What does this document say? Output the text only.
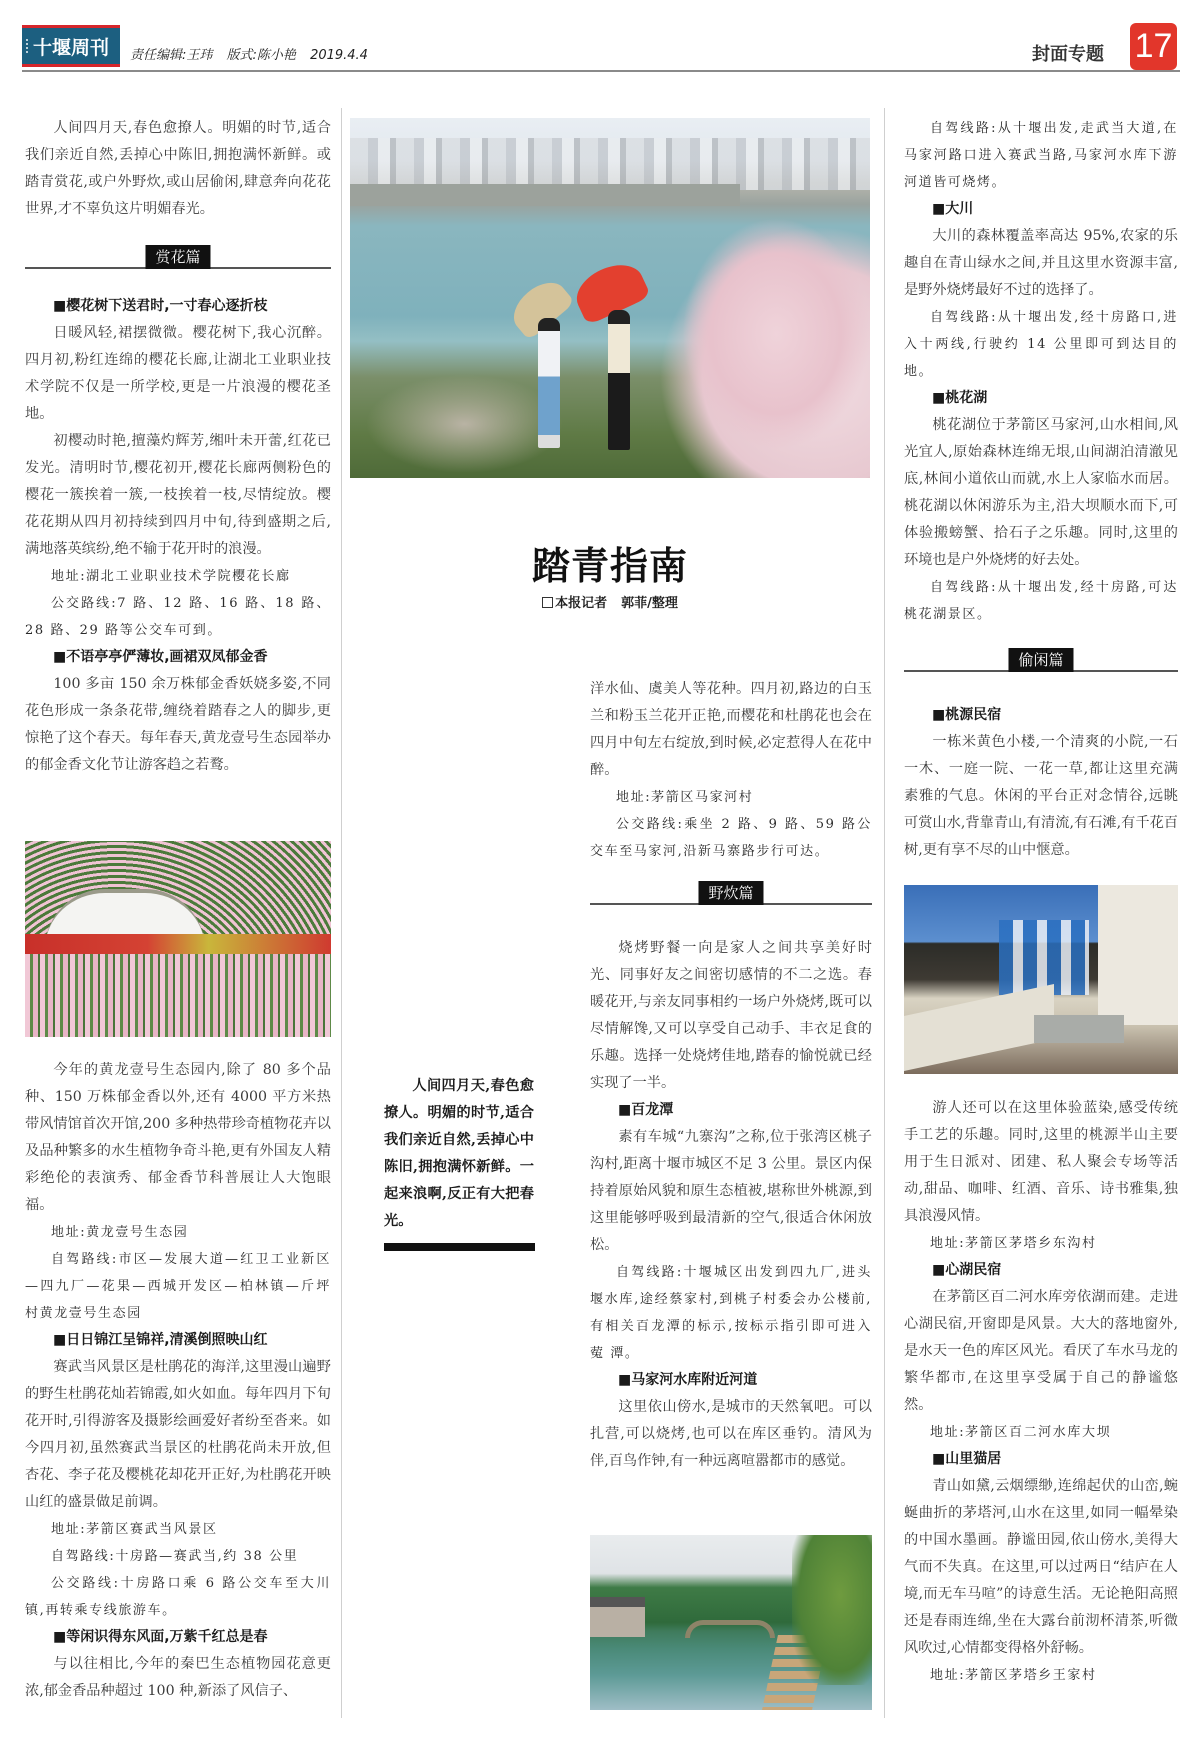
十堰周刊 责任编辑:王玮 版式:陈小艳 2019.4.4	封面专题 17

人间四月天,春色愈撩人。明媚的时节,适合我们亲近自然,丢掉心中陈旧,拥抱满怀新鲜。或踏青赏花,或户外野炊,或山居偷闲,肆意奔向花花世界,才不辜负这片明媚春光。

赏花篇

■ 樱花树下送君时,一寸春心逐折枝

日暖风轻,裙摆微微。樱花树下,我心沉醉。四月初,粉红连绵的樱花长廊,让湖北工业职业技术学院不仅是一所学校,更是一片浪漫的樱花圣地。

初樱动时艳,擅藻灼辉芳,缃叶未开蕾,红花已发光。清明时节,樱花初开,樱花长廊两侧粉色的樱花一簇挨着一簇,一枝挨着一枝,尽情绽放。樱花花期从四月初持续到四月中旬,待到盛期之后,满地落英缤纷,绝不输于花开时的浪漫。

地址:湖北工业职业技术学院樱花长廊

公交路线:7 路、12 路、16 路、18 路、28 路、29 路等公交车可到。

■ 不语亭亭俨薄妆,画裙双凤郁金香

100 多亩 150 余万株郁金香妖娆多姿,不同花色形成一条条花带,缠绕着踏春之人的脚步,更惊艳了这个春天。每年春天,黄龙壹号生态园举办的郁金香文化节让游客趋之若鹜。

今年的黄龙壹号生态园内,除了 80 多个品种、150 万株郁金香以外,还有 4000 平方米热带风情馆首次开馆,200 多种热带珍奇植物花卉以及品种繁多的水生植物争奇斗艳,更有外国友人精彩绝伦的表演秀、郁金香节科普展让人大饱眼福。

地址:黄龙壹号生态园

自驾路线:市区—发展大道—红卫工业新区—四九厂—花果—西城开发区—柏林镇—斤坪村黄龙壹号生态园

■ 日日锦江呈锦祥,清溪倒照映山红

赛武当风景区是杜鹃花的海洋,这里漫山遍野的野生杜鹃花灿若锦霞,如火如血。每年四月下旬花开时,引得游客及摄影绘画爱好者纷至沓来。如今四月初,虽然赛武当景区的杜鹃花尚未开放,但杏花、李子花及樱桃花却花开正好,为杜鹃花开映山红的盛景做足前调。

地址:茅箭区赛武当风景区

自驾路线:十房路—赛武当,约 38 公里

公交路线:十房路口乘 6 路公交车至大川镇,再转乘专线旅游车。

■ 等闲识得东风面,万紫千红总是春

与以往相比,今年的秦巴生态植物园花意更浓,郁金香品种超过 100 种,新添了风信子、

踏青指南
本报记者 郭菲/整理
人间四月天,春色愈撩人。明媚的时节,适合我们亲近自然,丢掉心中陈旧,拥抱满怀新鲜。一起来浪啊,反正有大把春光。

洋水仙、虞美人等花种。四月初,路边的白玉兰和粉玉兰花开正艳,而樱花和杜鹃花也会在四月中旬左右绽放,到时候,必定惹得人在花中醉。

地址:茅箭区马家河村

公交路线:乘坐 2 路、9 路、59 路公交车至马家河,沿新马寨路步行可达。

野炊篇

烧烤野餐一向是家人之间共享美好时光、同事好友之间密切感情的不二之选。春暖花开,与亲友同事相约一场户外烧烤,既可以尽情解馋,又可以享受自己动手、丰衣足食的乐趣。选择一处烧烤佳地,踏春的愉悦就已经实现了一半。

■ 百龙潭

素有车城“九寨沟”之称,位于张湾区桃子沟村,距离十堰市城区不足 3 公里。景区内保持着原始风貌和原生态植被,堪称世外桃源,到这里能够呼吸到最清新的空气,很适合休闲放松。

自驾线路:十堰城区出发到四九厂,进头堰水库,途经蔡家村,到桃子村委会办公楼前,有相关百龙潭的标示,按标示指引即可进入蒬 潭。

■ 马家河水库附近河道

这里依山傍水,是城市的天然氧吧。可以扎营,可以烧烤,也可以在库区垂钓。清风为伴,百鸟作钟,有一种远离喧嚣都市的感觉。

自驾线路:从十堰出发,走武当大道,在马家河路口进入赛武当路,马家河水库下游河道皆可烧烤。

■ 大川

大川的森林覆盖率高达 95%,农家的乐趣自在青山绿水之间,并且这里水资源丰富,是野外烧烤最好不过的选择了。

自驾线路:从十堰出发,经十房路口,进入十两线,行驶约 14 公里即可到达目的地。

■ 桃花湖

桃花湖位于茅箭区马家河,山水相间,风光宜人,原始森林连绵无垠,山间湖泊清澈见底,林间小道依山而就,水上人家临水而居。桃花湖以休闲游乐为主,沿大坝顺水而下,可体验搬螃蟹、拾石子之乐趣。同时,这里的环境也是户外烧烤的好去处。

自驾线路:从十堰出发,经十房路,可达桃花湖景区。

偷闲篇

■ 桃源民宿

一栋米黄色小楼,一个清爽的小院,一石一木、一庭一院、一花一草,都让这里充满素雅的气息。休闲的平台正对念情谷,远眺可赏山水,背靠青山,有清流,有石滩,有千花百树,更有享不尽的山中惬意。

游人还可以在这里体验蓝染,感受传统手工艺的乐趣。同时,这里的桃源半山主要用于生日派对、团建、私人聚会专场等活动,甜品、咖啡、红酒、音乐、诗书雅集,独具浪漫风情。

地址:茅箭区茅塔乡东沟村

■ 心湖民宿

在茅箭区百二河水库旁依湖而建。走进心湖民宿,开窗即是风景。大大的落地窗外,是水天一色的库区风光。看厌了车水马龙的繁华都市,在这里享受属于自己的静谧悠然。

地址:茅箭区百二河水库大坝

■ 山里猫居

青山如黛,云烟缥缈,连绵起伏的山峦,蜿蜒曲折的茅塔河,山水在这里,如同一幅晕染的中国水墨画。静谧田园,依山傍水,美得大气而不失真。在这里,可以过两日“结庐在人境,而无车马喧”的诗意生活。无论艳阳高照还是春雨连绵,坐在大露台前沏杯清茶,听微风吹过,心情都变得格外舒畅。

地址:茅箭区茅塔乡王家村
